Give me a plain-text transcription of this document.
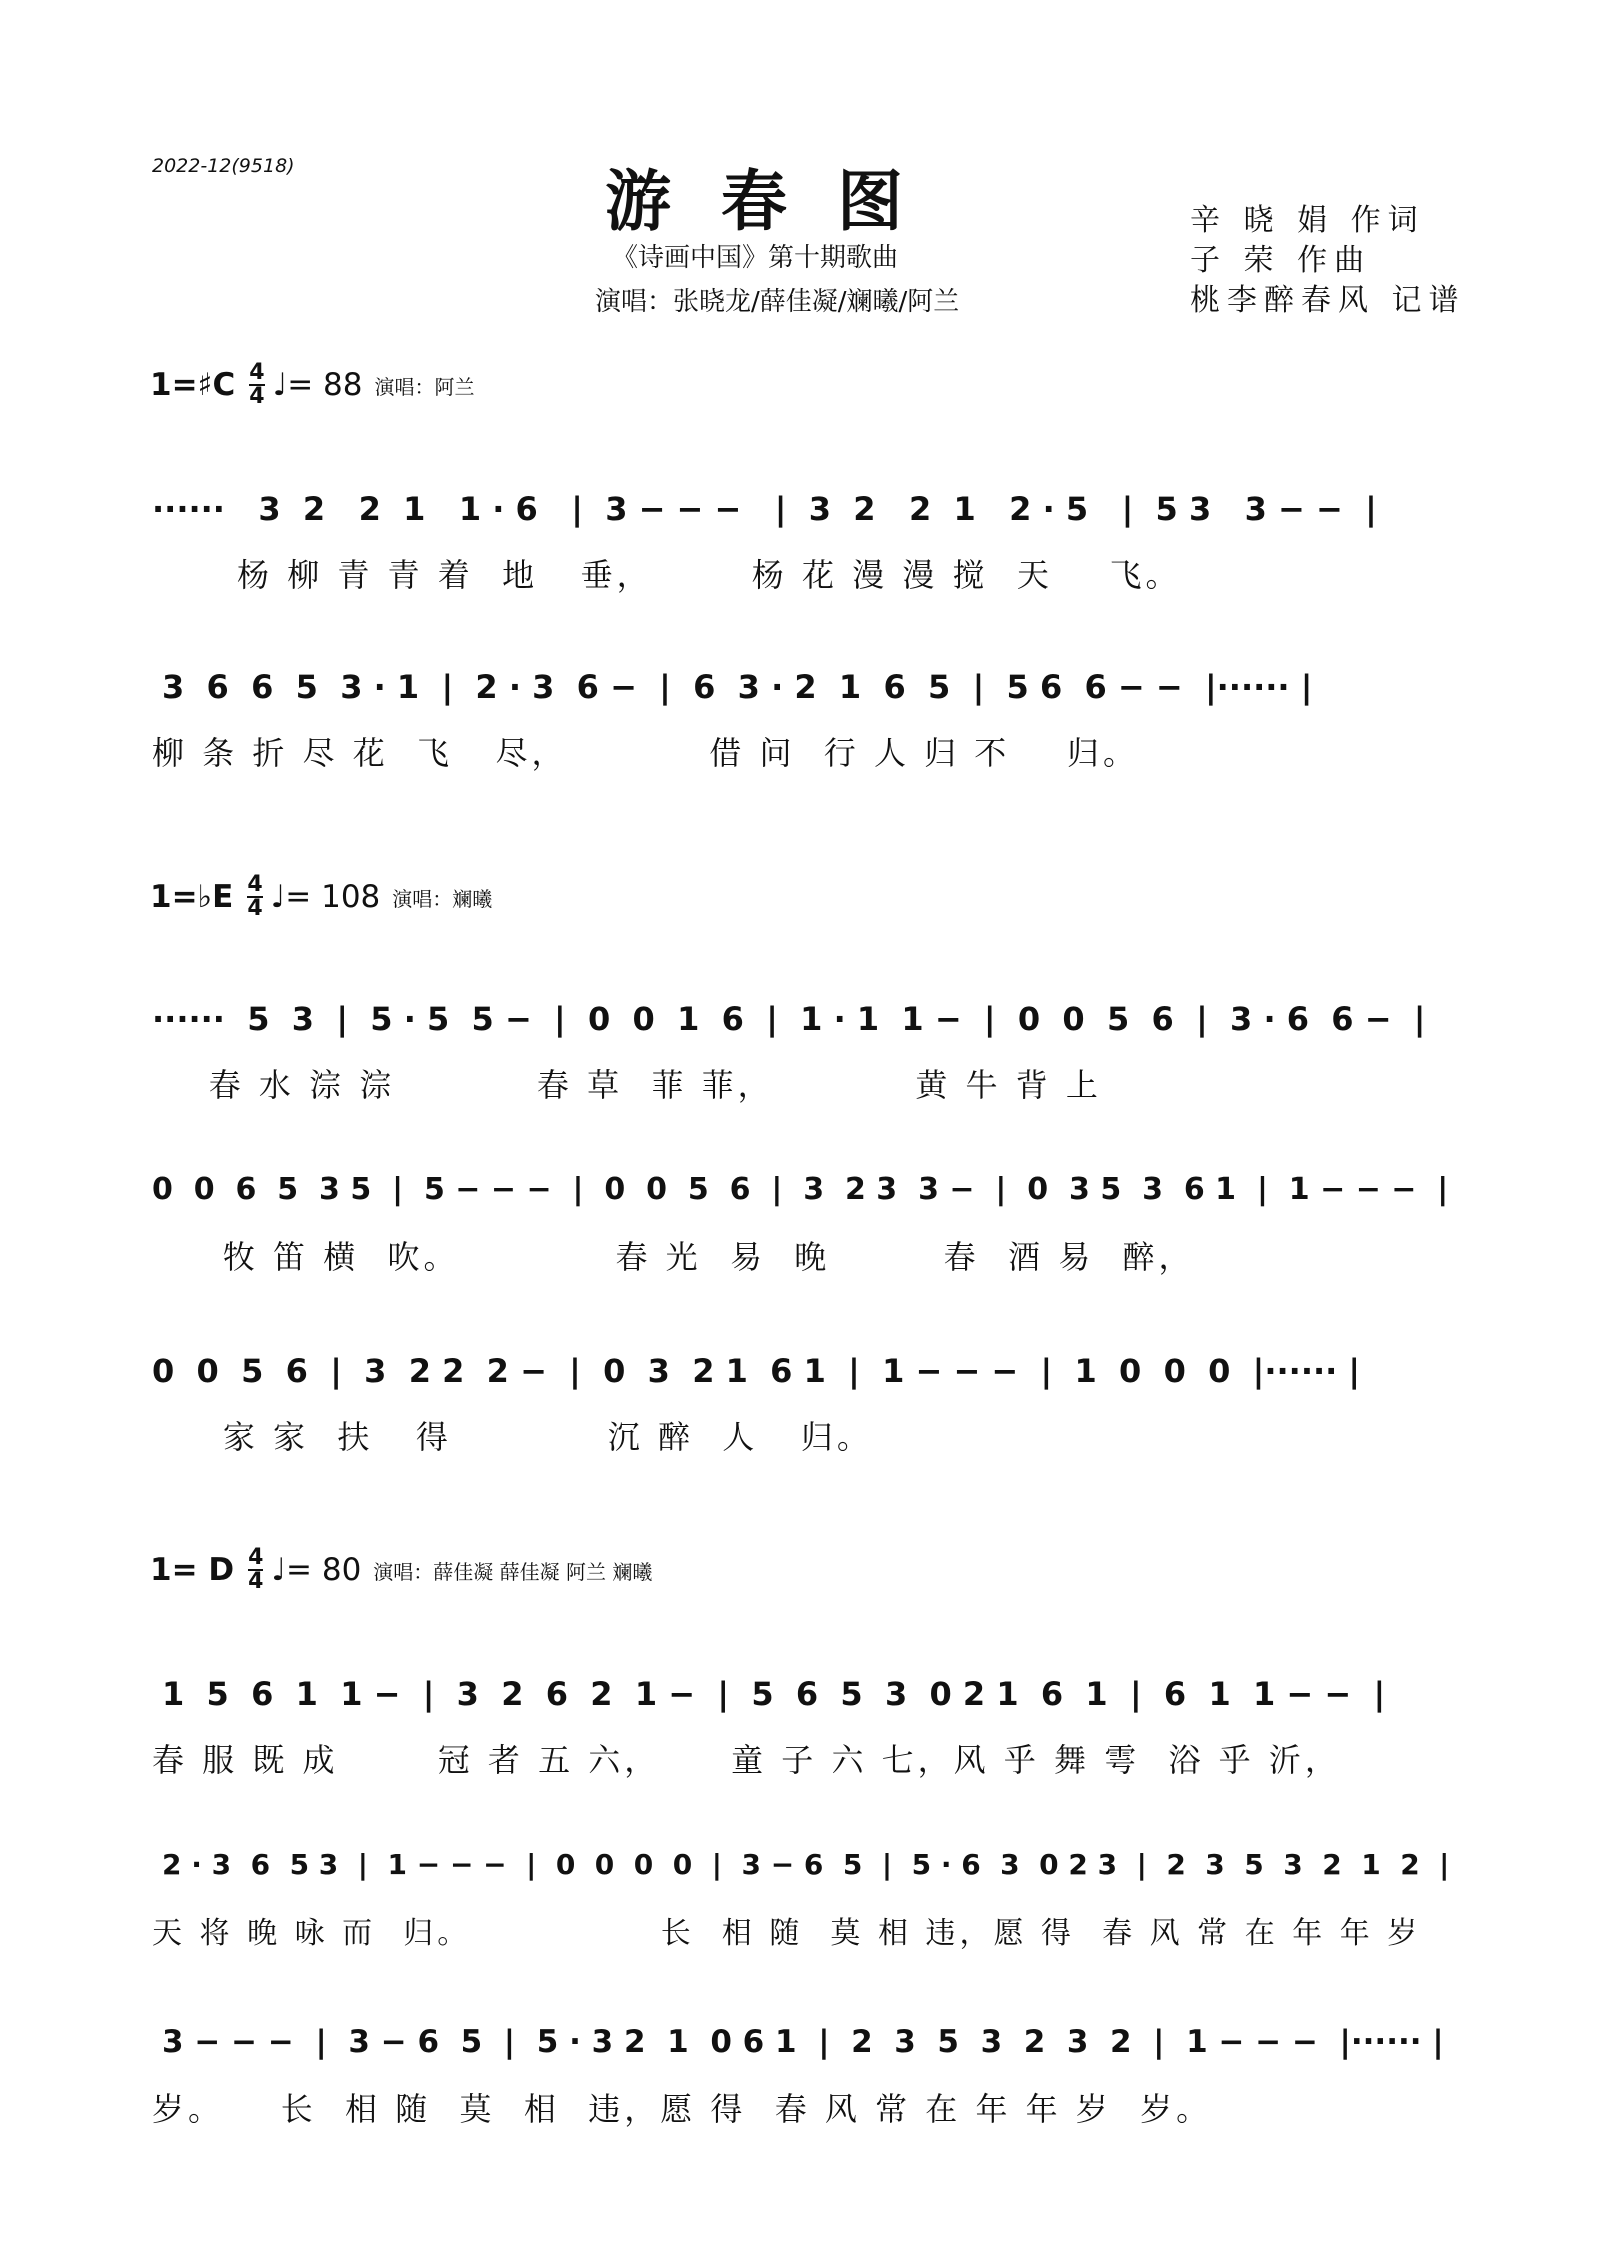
2022-12(9518)	游春图
《诗画中国》第十期歌曲
演唱：张晓龙/薛佳凝/斓曦/阿兰
辛 晓 娟 作词
子 荣 作曲
桃李醉春风 记谱
1=♯C $\frac{4}{4}$ ♩= 88 演唱：阿兰
······   3  2   2  1   1 · 6   |  3 − − −   |  3  2   2  1   2 · 5   |  5 3   3 − −  |
杨 柳 青 青 着  地   垂，       杨 花 漫 漫 搅  天    飞。
3  6  6  5  3 · 1  |  2 · 3  6 −  |  6  3 · 2  1  6  5  |  5 6  6 − −  |······ |
柳 条 折 尽 花  飞   尽，          借 问  行 人 归 不    归。
1=♭E $\frac{4}{4}$ ♩= 108 演唱：斓曦
······  5  3  |  5 · 5  5 −  |  0  0  1  6  |  1 · 1  1 −  |  0  0  5  6  |  3 · 6  6 −  |
春 水 淙 淙          春 草  菲 菲，          黄 牛 背 上
0  0  6  5  3 5  |  5 − − −  |  0  0  5  6  |  3  2 3  3 −  |  0  3 5  3  6 1  |  1 − − −  |
牧 笛 横  吹。           春 光  易  晚        春  酒 易  醉，
0  0  5  6  |  3  2 2  2 −  |  0  3  2 1  6 1  |  1 − − −  |  1  0  0  0  |······ |
家 家  扶   得           沉 醉  人   归。
1= D $\frac{4}{4}$ ♩= 80 演唱：薛佳凝 薛佳凝 阿兰 斓曦
1  5  6  1  1 −  |  3  2  6  2  1 −  |  5  6  5  3  0 2 1  6  1  |  6  1  1 − −  |
春 服 既 成       冠 者 五 六，     童 子 六 七，风 乎 舞 雩  浴 乎 沂，
2 · 3  6  5 3  |  1 − − −  |  0  0  0  0  |  3 − 6  5  |  5 · 6  3  0 2 3  |  2  3  5  3  2  1  2  |
天 将 晚 咏 而  归。              长  相 随  莫 相 违，愿 得  春 风 常 在 年 年 岁
3 − − −  |  3 − 6  5  |  5 · 3 2  1  0 6 1  |  2  3  5  3  2  3  2  |  1 − − −  |······ |
岁。    长  相 随  莫  相  违，愿 得  春 风 常 在 年 年 岁  岁。
